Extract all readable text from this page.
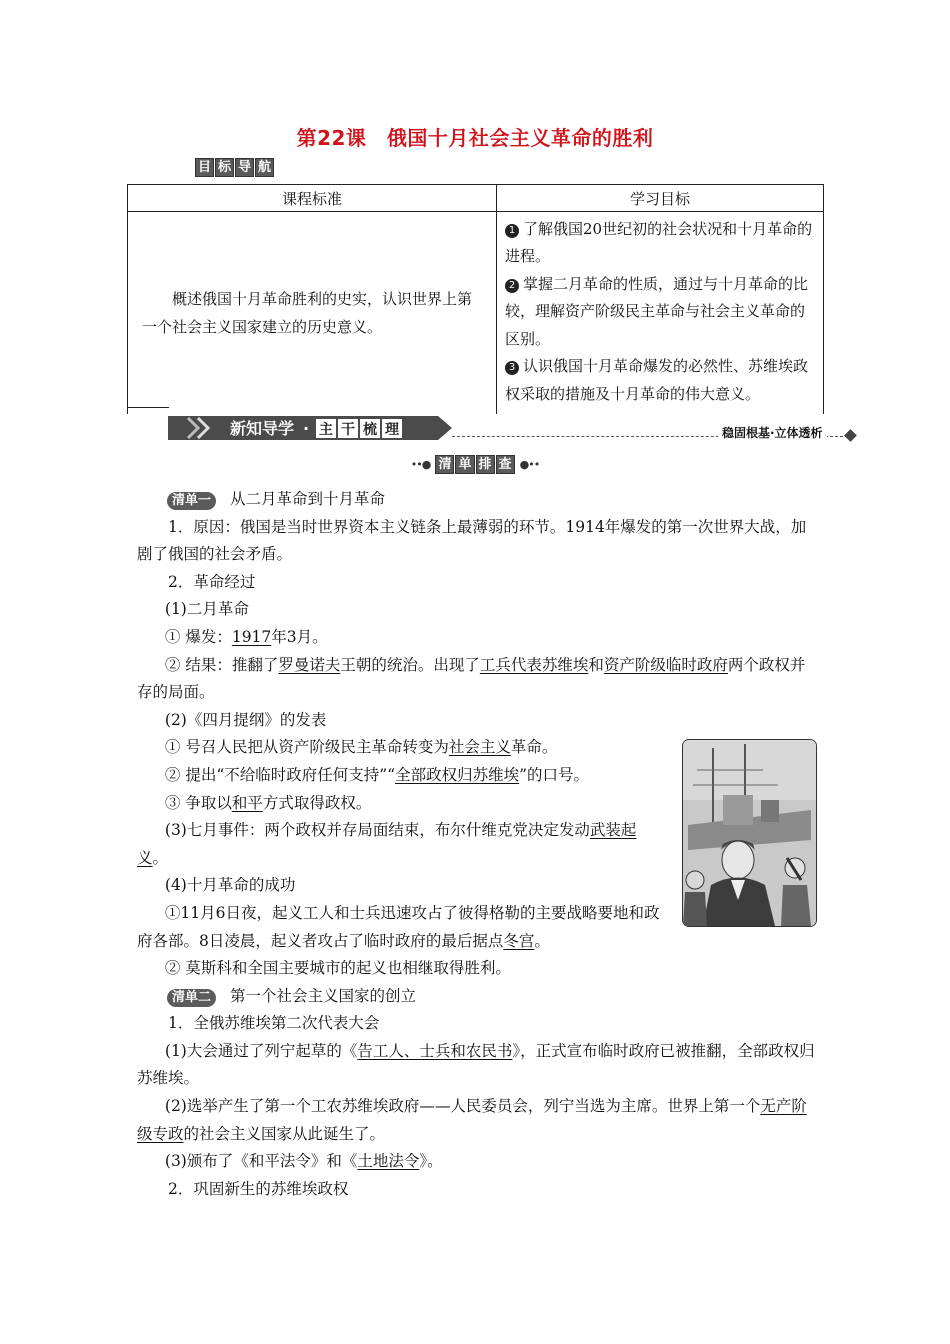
第22课　俄国十月社会主义革命的胜利
目 标 导 航
课程标准	学习目标
概述俄国十月革命胜利的史实，认识世界上第一个社会主义国家建立的历史意义。	1 了解俄国20世纪初的社会状况和十月革命的进程。
2 掌握二月革命的性质，通过与十月革命的比较，理解资产阶级民主革命与社会主义革命的区别。
3 认识俄国十月革命爆发的必然性、苏维埃政权采取的措施及十月革命的伟大意义。
新知导学 · 主 干 梳 理	稳固根基·立体透析
••● 清 单 排 查 ●••

清单一 从二月革命到十月革命

1．原因：俄国是当时世界资本主义链条上最薄弱的环节。1914年爆发的第一次世界大战，加剧了俄国的社会矛盾。

2．革命经过

(1)二月革命

① 爆发：1917年3月。

② 结果：推翻了罗曼诺夫王朝的统治。出现了工兵代表苏维埃和资产阶级临时政府两个政权并存的局面。

(2)《四月提纲》的发表

① 号召人民把从资产阶级民主革命转变为社会主义革命。

② 提出“不给临时政府任何支持”“全部政权归苏维埃”的口号。

③ 争取以和平方式取得政权。

(3)七月事件：两个政权并存局面结束，布尔什维克党决定发动武装起义。

(4)十月革命的成功

①11月6日夜，起义工人和士兵迅速攻占了彼得格勒的主要战略要地和政府各部。8日凌晨，起义者攻占了临时政府的最后据点冬宫。

② 莫斯科和全国主要城市的起义也相继取得胜利。

清单二 第一个社会主义国家的创立

1．全俄苏维埃第二次代表大会

(1)大会通过了列宁起草的《告工人、士兵和农民书》，正式宣布临时政府已被推翻，全部政权归苏维埃。

(2)选举产生了第一个工农苏维埃政府——人民委员会，列宁当选为主席。世界上第一个无产阶级专政的社会主义国家从此诞生了。

(3)颁布了《和平法令》和《土地法令》。

2．巩固新生的苏维埃政权
